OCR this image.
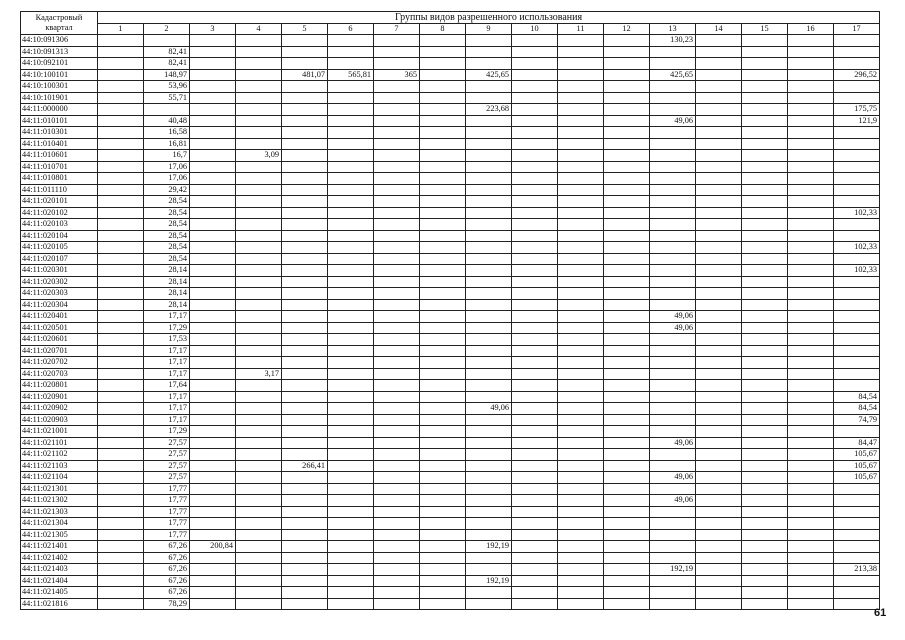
Кадастровый
квартал	Группы видов разрешенного использования																
	1	2	3	4	5	6	7	8	9	10	11	12	13	14	15	16	17
44:10:091306													130,23				
44:10:091313		82,41															
44:10:092101		82,41															
44:10:100101		148,97			481,07	565,81	365		425,65				425,65				296,52
44:10:100301		53,96															
44:10:101901		55,71															
44:11:000000									223,68								175,75
44:11:010101		40,48											49,06				121,9
44:11:010301		16,58															
44:11:010401		16,81															
44:11:010601		16,7		3,09													
44:11:010701		17,06															
44:11:010801		17,06															
44:11:011110		29,42															
44:11:020101		28,54															
44:11:020102		28,54															102,33
44:11:020103		28,54															
44:11:020104		28,54															
44:11:020105		28,54															102,33
44:11:020107		28,54															
44:11:020301		28,14															102,33
44:11:020302		28,14															
44:11:020303		28,14															
44:11:020304		28,14															
44:11:020401		17,17											49,06				
44:11:020501		17,29											49,06				
44:11:020601		17,53															
44:11:020701		17,17															
44:11:020702		17,17															
44:11:020703		17,17		3,17													
44:11:020801		17,64															
44:11:020901		17,17															84,54
44:11:020902		17,17							49,06								84,54
44:11:020903		17,17															74,79
44:11:021001		17,29															
44:11:021101		27,57											49,06				84,47
44:11:021102		27,57															105,67
44:11:021103		27,57			266,41												105,67
44:11:021104		27,57											49,06				105,67
44:11:021301		17,77															
44:11:021302		17,77											49,06				
44:11:021303		17,77															
44:11:021304		17,77															
44:11:021305		17,77															
44:11:021401		67,26	200,84						192,19								
44:11:021402		67,26															
44:11:021403		67,26											192,19				213,38
44:11:021404		67,26							192,19								
44:11:021405		67,26															
44:11:021816		78,29															
61
